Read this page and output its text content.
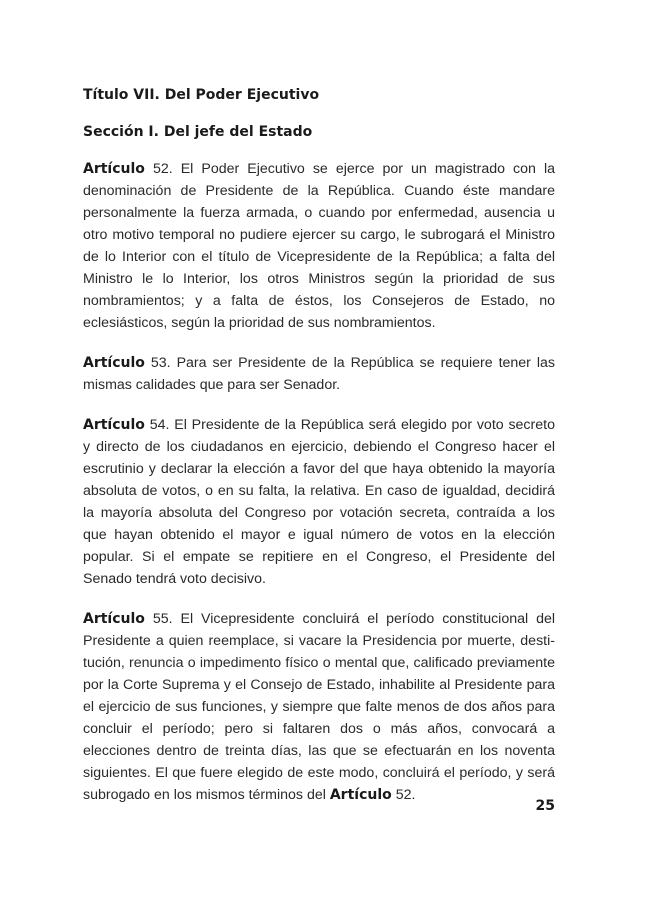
Título VII. Del Poder Ejecutivo

Sección I. Del jefe del Estado

Artículo 52. El Poder Ejecutivo se ejerce por un magistrado con la denominación de Presidente de la República. Cuando éste mandare personalmente la fuerza armada, o cuando por enfermedad, ausencia u otro motivo temporal no pudiere ejercer su cargo, le subrogará el Ministro de lo Interior con el título de Vicepresidente de la República; a falta del Ministro le lo Interior, los otros Ministros según la prioridad de sus nombramientos; y a falta de éstos, los Consejeros de Estado, no eclesiásticos, según la prioridad de sus nombramientos.

Artículo 53. Para ser Presidente de la República se requiere tener las mismas calidades que para ser Senador.

Artículo 54. El Presidente de la República será elegido por voto secreto y directo de los ciudadanos en ejercicio, debiendo el Congreso hacer el escrutinio y declarar la elección a favor del que haya obtenido la mayoría absoluta de votos, o en su falta, la relativa. En caso de igualdad, decidirá la mayoría absoluta del Congreso por votación secreta, contraída a los que hayan obtenido el mayor e igual número de votos en la elección popular. Si el empate se repitiere en el Congreso, el Presidente del Senado tendrá voto decisivo.

Artículo 55. El Vicepresidente concluirá el período constitucional del Presidente a quien reemplace, si vacare la Presidencia por muerte, destitución, renuncia o impedimento físico o mental que, calificado previamente por la Corte Suprema y el Consejo de Estado, inhabilite al Presidente para el ejercicio de sus funciones, y siempre que falte menos de dos años para concluir el período; pero si faltaren dos o más años, convocará a elecciones dentro de treinta días, las que se efectuarán en los noventa siguientes. El que fuere elegido de este modo, concluirá el período, y será subrogado en los mismos términos del Artículo 52.

25
